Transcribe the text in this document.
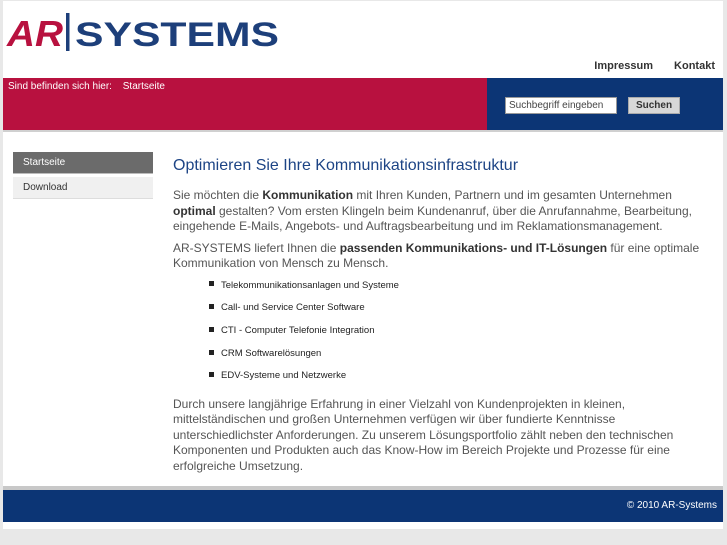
AR SYSTEMS
Impressum Kontakt
Sind befinden sich hier: Startseite
Suchbegriff eingeben	Suchen
Startseite
Download
Optimieren Sie Ihre Kommunikationsinfrastruktur

Sie möchten die Kommunikation mit Ihren Kunden, Partnern und im gesamten Unternehmen optimal gestalten? Vom ersten Klingeln beim Kundenanruf, über die Anrufannahme, Bearbeitung, eingehende E-Mails, Angebots- und Auftragsbearbeitung und im Reklamationsmanagement.

AR-SYSTEMS liefert Ihnen die passenden Kommunikations- und IT-Lösungen für eine optimale Kommunikation von Mensch zu Mensch.

Telekommunikationsanlagen und Systeme
Call- und Service Center Software
CTI - Computer Telefonie Integration
CRM Softwarelösungen
EDV-Systeme und Netzwerke

Durch unsere langjährige Erfahrung in einer Vielzahl von Kundenprojekten in kleinen, mittelständischen und großen Unternehmen verfügen wir über fundierte Kenntnisse unterschiedlichster Anforderungen. Zu unserem Lösungsportfolio zählt neben den technischen Komponenten und Produkten auch das Know-How im Bereich Projekte und Prozesse für eine erfolgreiche Umsetzung.

© 2010 AR-Systems
